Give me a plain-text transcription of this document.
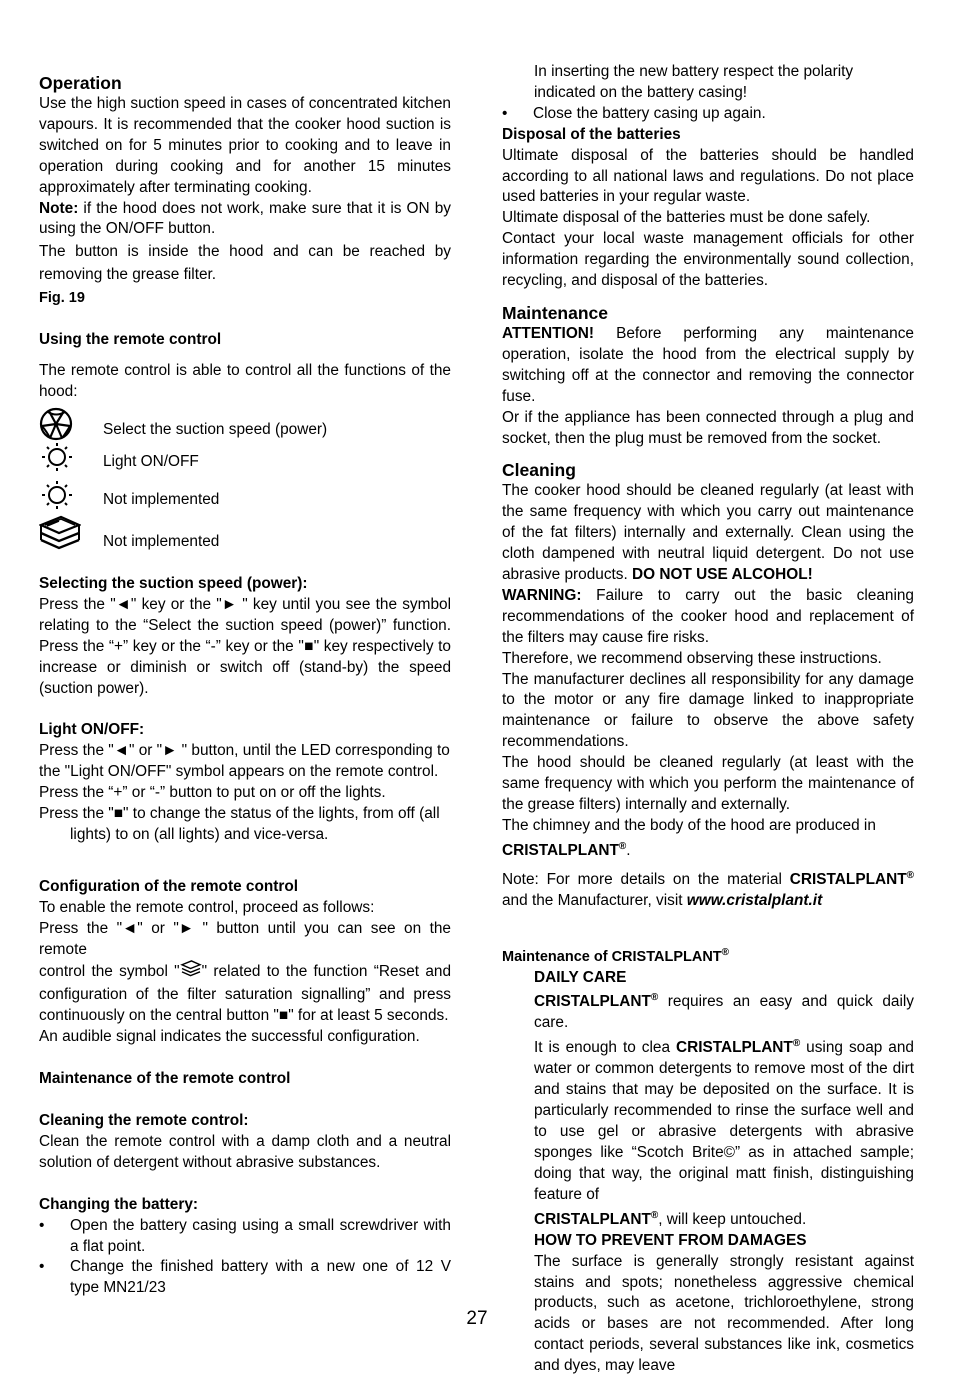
Operation

Use the high suction speed in cases of concentrated kitchen vapours. It is recommended that the cooker hood suction is switched on for 5 minutes prior to cooking and to leave in operation during cooking and for another 15 minutes approximately after terminating cooking.

Note: if the hood does not work, make sure that it is ON by using the ON/OFF button.

The button is inside the hood and can be reached by removing the grease filter.

Fig. 19

Using the remote control

The remote control is able to control all the functions of the hood:

Select the suction speed (power)
Light ON/OFF
Not implemented
Not implemented

Selecting the suction speed (power):

Press the "◄" key or the "► " key until you see the symbol relating to the “Select the suction speed (power)” function. Press the “+” key or the “-” key or the "■" key respectively to increase or diminish or switch off (stand-by) the speed (suction power).

Light ON/OFF:

Press the "◄" or "► " button, until the LED corresponding to

the "Light ON/OFF" symbol appears on the remote control.

Press the “+” or “-” button to put on or off the lights.

Press the "■" to change the status of the lights, from off (all

lights) to on (all lights) and vice-versa.

Configuration of the remote control

To enable the remote control, proceed as follows:

Press the "◄" or "► " button until you can see on the remote

control the symbol " " related to the function “Reset and configuration of the filter saturation signalling” and press continuously on the central button "■" for at least 5 seconds.

An audible signal indicates the successful configuration.

Maintenance of the remote control

Cleaning the remote control:

Clean the remote control with a damp cloth and a neutral solution of detergent without abrasive substances.

Changing the battery:

•	Open the battery casing using a small screwdriver with a flat point.
•	Change the finished battery with a new one of 12 V type MN21/23

In inserting the new battery respect the polarity indicated on the battery casing!

•	Close the battery casing up again.

Disposal of the batteries

Ultimate disposal of the batteries should be handled according to all national laws and regulations. Do not place used batteries in your regular waste.

Ultimate disposal of the batteries must be done safely.

Contact your local waste management officials for other information regarding the environmentally sound collection, recycling, and disposal of the batteries.

Maintenance

ATTENTION! Before performing any maintenance operation, isolate the hood from the electrical supply by switching off at the connector and removing the connector fuse.

Or if the appliance has been connected through a plug and socket, then the plug must be removed from the socket.

Cleaning

The cooker hood should be cleaned regularly (at least with the same frequency with which you carry out maintenance of the fat filters) internally and externally. Clean using the cloth dampened with neutral liquid detergent. Do not use abrasive products. DO NOT USE ALCOHOL!

WARNING: Failure to carry out the basic cleaning recommendations of the cooker hood and replacement of the filters may cause fire risks.

Therefore, we recommend observing these instructions.

The manufacturer declines all responsibility for any damage to the motor or any fire damage linked to inappropriate maintenance or failure to observe the above safety recommendations.

The hood should be cleaned regularly (at least with the same frequency with which you perform the maintenance of the grease filters) internally and externally.

The chimney and the body of the hood are produced in

CRISTALPLANT®.

Note: For more details on the material CRISTALPLANT® and the Manufacturer, visit www.cristalplant.it

Maintenance of CRISTALPLANT®

DAILY CARE

CRISTALPLANT® requires an easy and quick daily care.

It is enough to clea CRISTALPLANT® using soap and water or common detergents to remove most of the dirt and stains that may be deposited on the surface. It is particularly recommended to rinse the surface well and to use gel or abrasive detergents with abrasive sponges like “Scotch Brite©” as in attached sample; doing that way, the original matt finish, distinguishing feature of

CRISTALPLANT®, will keep untouched.

HOW TO PREVENT FROM DAMAGES

The surface is generally strongly resistant against stains and spots; nonetheless aggressive chemical products, such as acetone, trichloroethylene, strong acids or bases are not recommended. After long contact periods, several substances like ink, cosmetics and dyes, may leave

27
